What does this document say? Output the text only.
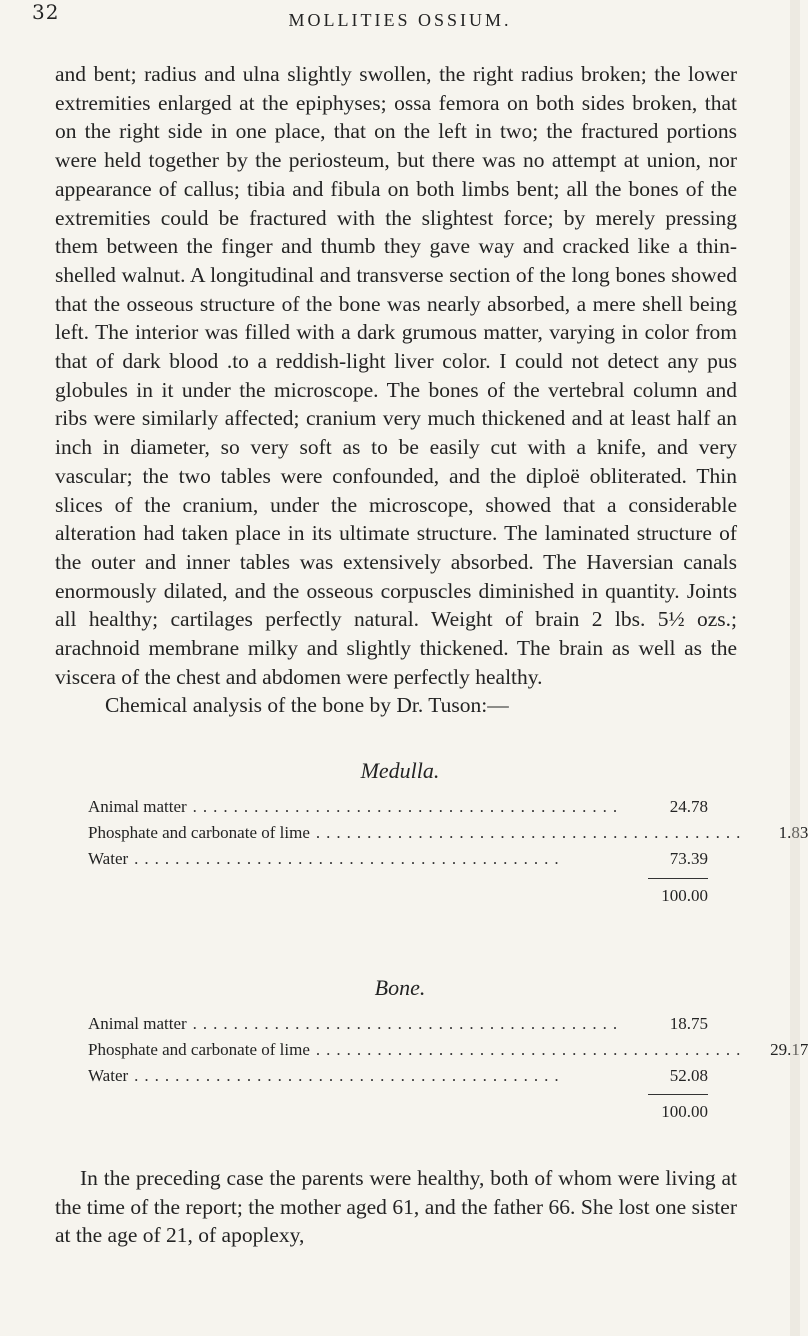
32	MOLLITIES OSSIUM.

and bent; radius and ulna slightly swollen, the right radius broken; the lower extremities enlarged at the epiphyses; ossa femora on both sides broken, that on the right side in one place, that on the left in two; the fractured portions were held together by the periosteum, but there was no attempt at union, nor appearance of callus; tibia and fibula on both limbs bent; all the bones of the extremities could be fractured with the slightest force; by merely pressing them between the finger and thumb they gave way and cracked like a thin-shelled walnut. A longitudinal and transverse section of the long bones showed that the osseous structure of the bone was nearly absorbed, a mere shell being left. The interior was filled with a dark grumous matter, varying in color from that of dark blood .to a reddish-light liver color. I could not detect any pus globules in it under the microscope. The bones of the vertebral column and ribs were similarly affected; cranium very much thickened and at least half an inch in diameter, so very soft as to be easily cut with a knife, and very vascular; the two tables were confounded, and the diploë obliterated. Thin slices of the cranium, under the microscope, showed that a considerable alteration had taken place in its ultimate structure. The laminated structure of the outer and inner tables was extensively absorbed. The Haversian canals enormously dilated, and the osseous corpuscles diminished in quantity. Joints all healthy; cartilages perfectly natural. Weight of brain 2 lbs. 5½ ozs.; arachnoid membrane milky and slightly thickened. The brain as well as the viscera of the chest and abdomen were perfectly healthy.
Chemical analysis of the bone by Dr. Tuson:—

Medulla.
Animal matter ..........................................	24.78
Phosphate and carbonate of lime ..........................................	1.83
Water ..........................................	73.39
100.00
Bone.
Animal matter ..........................................	18.75
Phosphate and carbonate of lime ..........................................	29.17
Water ..........................................	52.08
100.00

In the preceding case the parents were healthy, both of whom were living at the time of the report; the mother aged 61, and the father 66. She lost one sister at the age of 21, of apoplexy,
